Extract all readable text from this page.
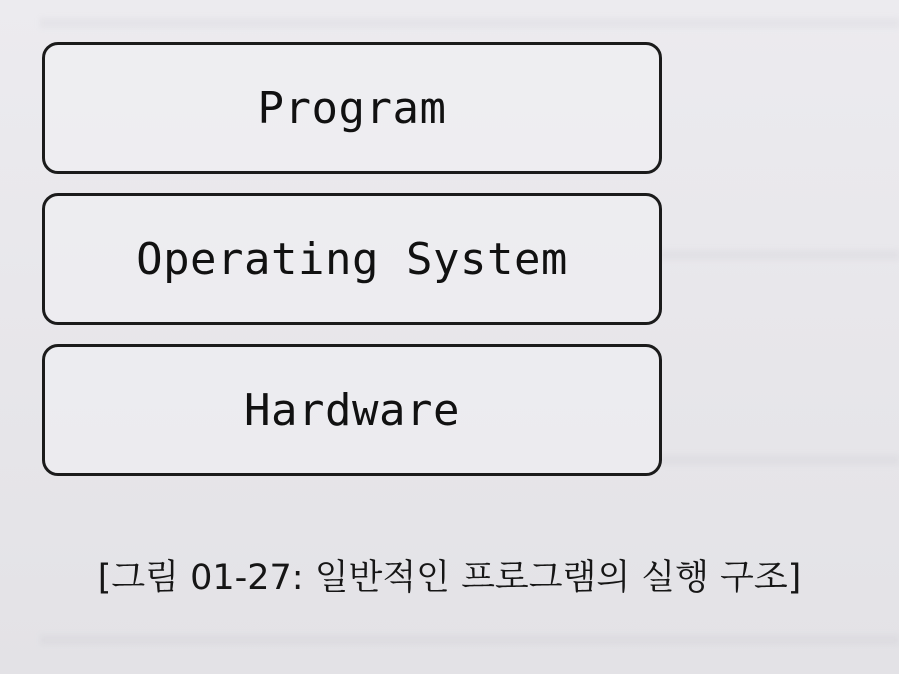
Program
Operating System
Hardware
[그림 01-27: 일반적인 프로그램의 실행 구조]
